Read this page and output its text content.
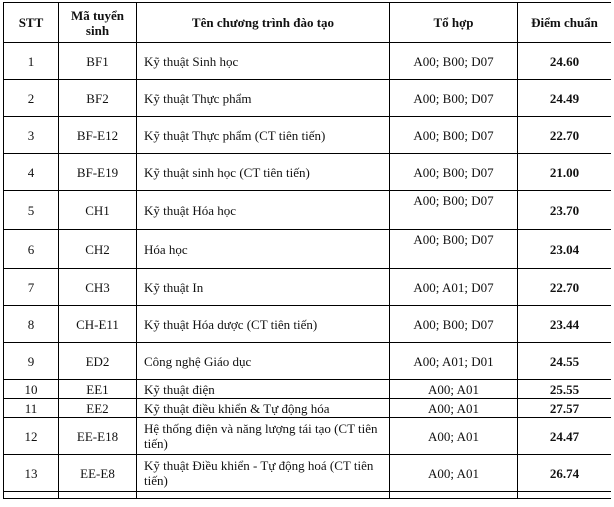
STT	Mã tuyển sinh	Tên chương trình đào tạo	Tổ hợp	Điểm chuẩn
1	BF1	Kỹ thuật Sinh học	A00; B00; D07	24.60
2	BF2	Kỹ thuật Thực phẩm	A00; B00; D07	24.49
3	BF-E12	Kỹ thuật Thực phẩm (CT tiên tiến)	A00; B00; D07	22.70
4	BF-E19	Kỹ thuật sinh học (CT tiên tiến)	A00; B00; D07	21.00
5	CH1	Kỹ thuật Hóa học	A00; B00; D07	23.70
6	CH2	Hóa học	A00; B00; D07	23.04
7	CH3	Kỹ thuật In	A00; A01; D07	22.70
8	CH-E11	Kỹ thuật Hóa dược (CT tiên tiến)	A00; B00; D07	23.44
9	ED2	Công nghệ Giáo dục	A00; A01; D01	24.55
10	EE1	Kỹ thuật điện	A00; A01	25.55
11	EE2	Kỹ thuật điều khiển & Tự động hóa	A00; A01	27.57
12	EE-E18	Hệ thống điện và năng lượng tái tạo (CT tiên tiến)	A00; A01	24.47
13	EE-E8	Kỹ thuật Điều khiển - Tự động hoá (CT tiên tiến)	A00; A01	26.74
